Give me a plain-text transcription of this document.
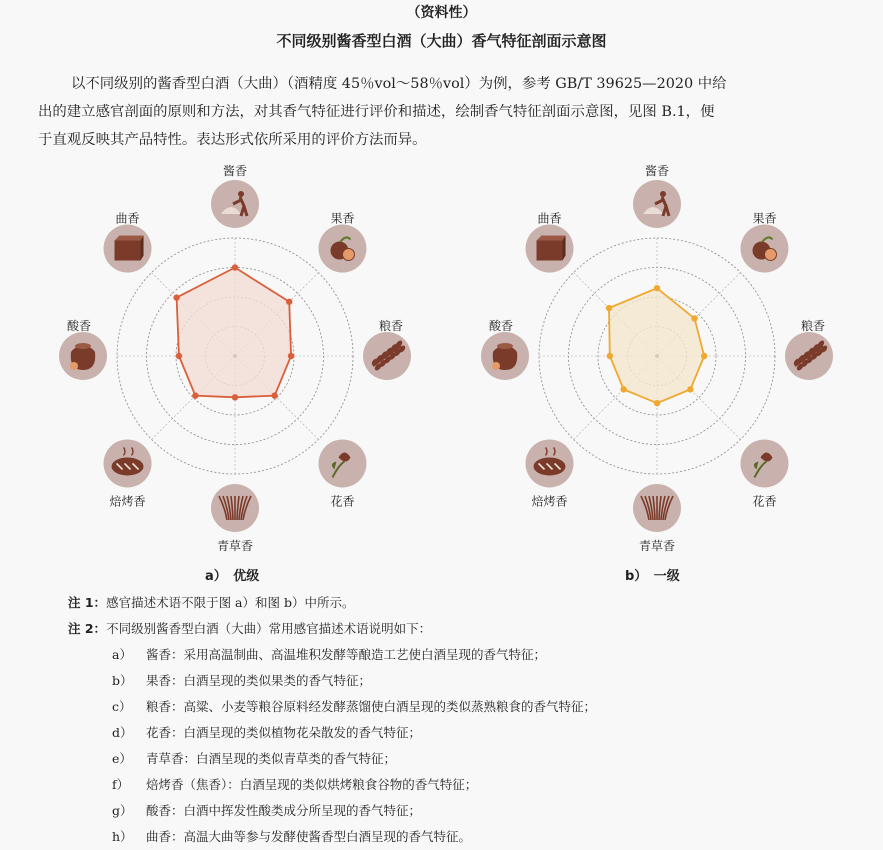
（资料性）
不同级别酱香型白酒（大曲）香气特征剖面示意图

以不同级别的酱香型白酒（大曲）（酒精度 45％vol～58％vol）为例，参考 GB/T 39625—2020 中给
出的建立感官剖面的原则和方法，对其香气特征进行评价和描述，绘制香气特征剖面示意图，见图 B.1，便
于直观反映其产品特性。表达形式依所采用的评价方法而异。

酱香
果香
粮香
花香
青草香
焙烤香
酸香
曲香
酱香
果香
粮香
花香
青草香
焙烤香
酸香
曲香
a）　优级	b）　一级
注 1：感官描述术语不限于图 a）和图 b）中所示。
注 2：不同级别酱香型白酒（大曲）常用感官描述术语说明如下：
a） 酱香：采用高温制曲、高温堆积发酵等酿造工艺使白酒呈现的香气特征；
b） 果香：白酒呈现的类似果类的香气特征；
c） 粮香：高粱、小麦等粮谷原料经发酵蒸馏使白酒呈现的类似蒸熟粮食的香气特征；
d） 花香：白酒呈现的类似植物花朵散发的香气特征；
e） 青草香：白酒呈现的类似青草类的香气特征；
f） 焙烤香（焦香）：白酒呈现的类似烘烤粮食谷物的香气特征；
g） 酸香：白酒中挥发性酸类成分所呈现的香气特征；
h） 曲香：高温大曲等参与发酵使酱香型白酒呈现的香气特征。
